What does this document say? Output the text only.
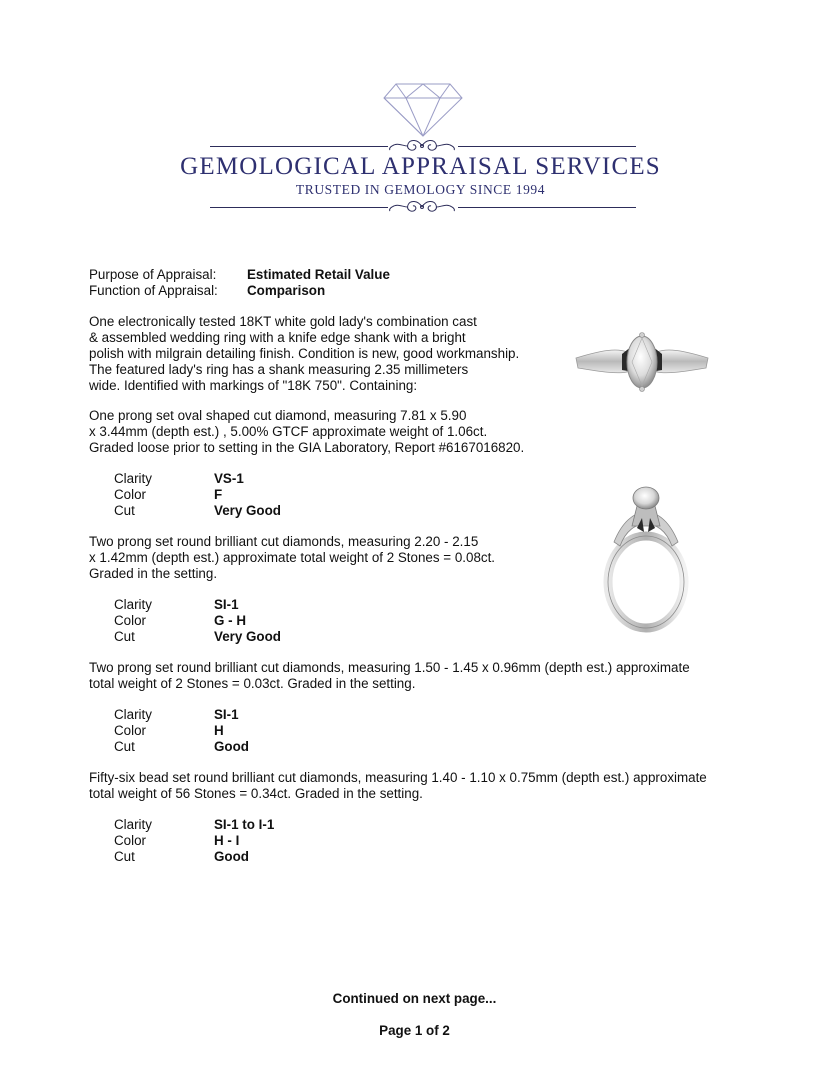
GEMOLOGICAL APPRAISAL SERVICES
TRUSTED IN GEMOLOGY SINCE 1994
Purpose of Appraisal: Estimated Retail Value
Function of Appraisal: Comparison
One electronically tested 18KT white gold lady's combination cast
& assembled wedding ring with a knife edge shank with a bright
polish with milgrain detailing finish. Condition is new, good workmanship.
The featured lady's ring has a shank measuring 2.35 millimeters
wide. Identified with markings of "18K 750". Containing:
One prong set oval shaped cut diamond, measuring 7.81 x 5.90
x 3.44mm (depth est.) , 5.00% GTCF approximate weight of 1.06ct.
Graded loose prior to setting in the GIA Laboratory, Report #6167016820.
Clarity	VS-1
Color	F
Cut	Very Good
Two prong set round brilliant cut diamonds, measuring 2.20 - 2.15
x 1.42mm (depth est.) approximate total weight of 2 Stones = 0.08ct.
Graded in the setting.
Clarity	SI-1
Color	G - H
Cut	Very Good
Two prong set round brilliant cut diamonds, measuring 1.50 - 1.45 x 0.96mm (depth est.) approximate
total weight of 2 Stones = 0.03ct. Graded in the setting.
Clarity	SI-1
Color	H
Cut	Good
Fifty-six bead set round brilliant cut diamonds, measuring 1.40 - 1.10 x 0.75mm (depth est.) approximate
total weight of 56 Stones = 0.34ct. Graded in the setting.
Clarity	SI-1 to I-1
Color	H - I
Cut	Good
Continued on next page...
Page 1 of 2
